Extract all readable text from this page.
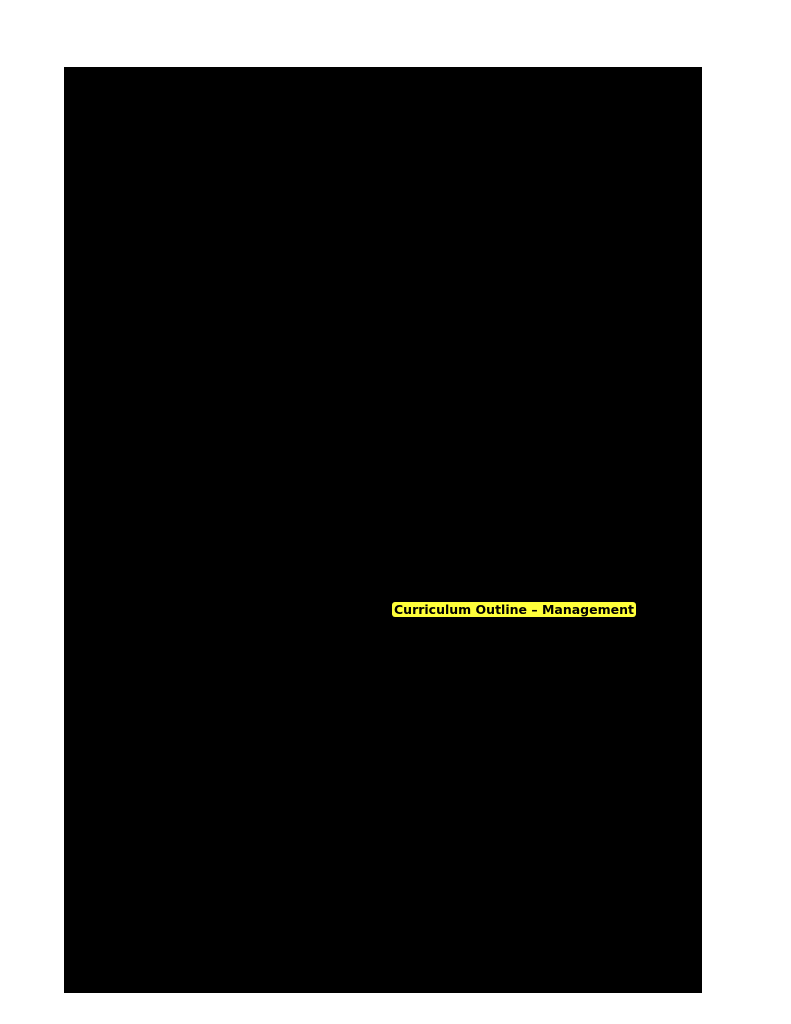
Marketing Program

The Marketing program extends the mission of the University and the School of Business through the education of students in the field of marketing with a global orientation. The program goal is to strengthen the student's abilities to communicate effectively, solve problems, make decisions, analyze, and critically assess concepts and issues in marketing. The program strives to provide an environment that continues to develop the intellectual, emotional and professional growth of its students.

Marketing Minor Requirements:

The minor in Marketing requires eighteen (18) semester hours of courses in the Marketing (MKT) Program including; MKT 305, MKT 311, MKT 328 plus three approved MKT electives.

Marketing Major Degree Requirements:

The program in Marketing offers tracks that lead to the Bachelor of Science degree.

Curriculum Outline – Marketing

Freshman Year	Semester	1st 2nd
English 101-102	3	3
Communication 103	3	-
Computer Science 120	-	3
History 106	3	-
Mathematics 117 or higher	3	-
Foreign Language (2 semesters of same language)	3	3
Natural Science Course	-	3
Humanities Course	-	3
Physical Education (2) or Health (1)	-	2
University 101	1	-
Total	16	17
Sophomore Year	Semester	1st 2nd
Accounting 203-204	3	3
Economics 201-202	3	3
Management 215-216	3	3
Social Science Course	3	3
Humanities 201	3	-
Free Elective	-	2
Total	15	14
Summer - Lower Division Internship	(MBA 211) 1 Credit
Junior Year	Semester	1st 2nd
Marketing 305-307	3	3
Management 301	3	-
Finance 304	3	-
Marketing 311	-	3
Marketing 328	-	3
Management 305, 323	3	3
Non-business-related elective	3	3
Total	15	15
Senior Year	Semester	1st 2nd
Marketing 411, 427	3	3
Marketing 417, 428	3	3
Management 400	3	-
Marketing 444	-	3
Non-business-related elective	3	-
Business-related elective	3	3
Total	15	12
TOTAL CREDITS FOR GRADUATION	120

Department of Management

The Business Management Department provides studies in broad-based management education, allowing flexibility in varied management level careers sought by private and public employers. The objective is to develop the student's understanding of management as both an art and a science, together with managerial skills essential for positions of leadership and responsibility in today's dynamic environment. The management major promotes a generalist interdisciplinary approach that prepares students to work in any business organization. It also allows students, in collaboration with their academic advisor to personalize their plan of study through specialization in a minor or a variety of business and non-business related electives.

Students may take an emphasis in Human Resources Management. Human Resources Management emphasis strengthens the business management major. Students are prepared in management of employees at all organizational levels. Emphasis is on staffing, training and development, labor relations, compensation and benefits, legal aspects of human resources management and selection and recruitment. This is a highly recruited area for undergraduate students. The faculty advises students on the selection of courses for areas of concentration and monitors their academic progress.

Management Minor Requirements:

A minor in business management is earned upon the successful completion of 18 hours in the management discipline as follows: Non-business majors may elect to take a minor in business management to include: MGT 301, 400, 402, plus any three courses selected from the following courses: MGT 300, 305,306, 312, 321, 323, MGT 416,417. Business majors may not use MGT 301, 400, or 402 as part of the Minor in Management.

Management Major Requirements:

Business Management majors must take MGT 300, 312, 321, 360, 402, 499 for a total of 18 semester hours beyond the Business Core Requirements as reflected in the Curriculum Outline below.

Curriculum Outline – Management

The program requires a total of 120 credit hours for the Bachelor of Science degree with specialized courses in Management. Students will be required to take general education courses, and elective courses related to their concentration. The course sequence normally followed is as listed below.

Freshman Year	Semester	1st 2nd
ENG 101 Written Communication	3	-
ENG 102 Written Communication	-	3
COM 103 Oral Communication	-	3
HIS 106 World Civilization	3	-
MAT 117 Pre-Cal or Higher	3	-
Foreign Language - (2 semesters of same language	3	3
UNV 101 Individual & Life	1	-
CSC 120 Computer Intro	-	3
Natural Science Course	-	3
Non Business Elective	-	3
Health (1) or Physical Edu. (2	-	2
Total	16	17
60 James T. George School of Business	Hampton University 2020-2022
